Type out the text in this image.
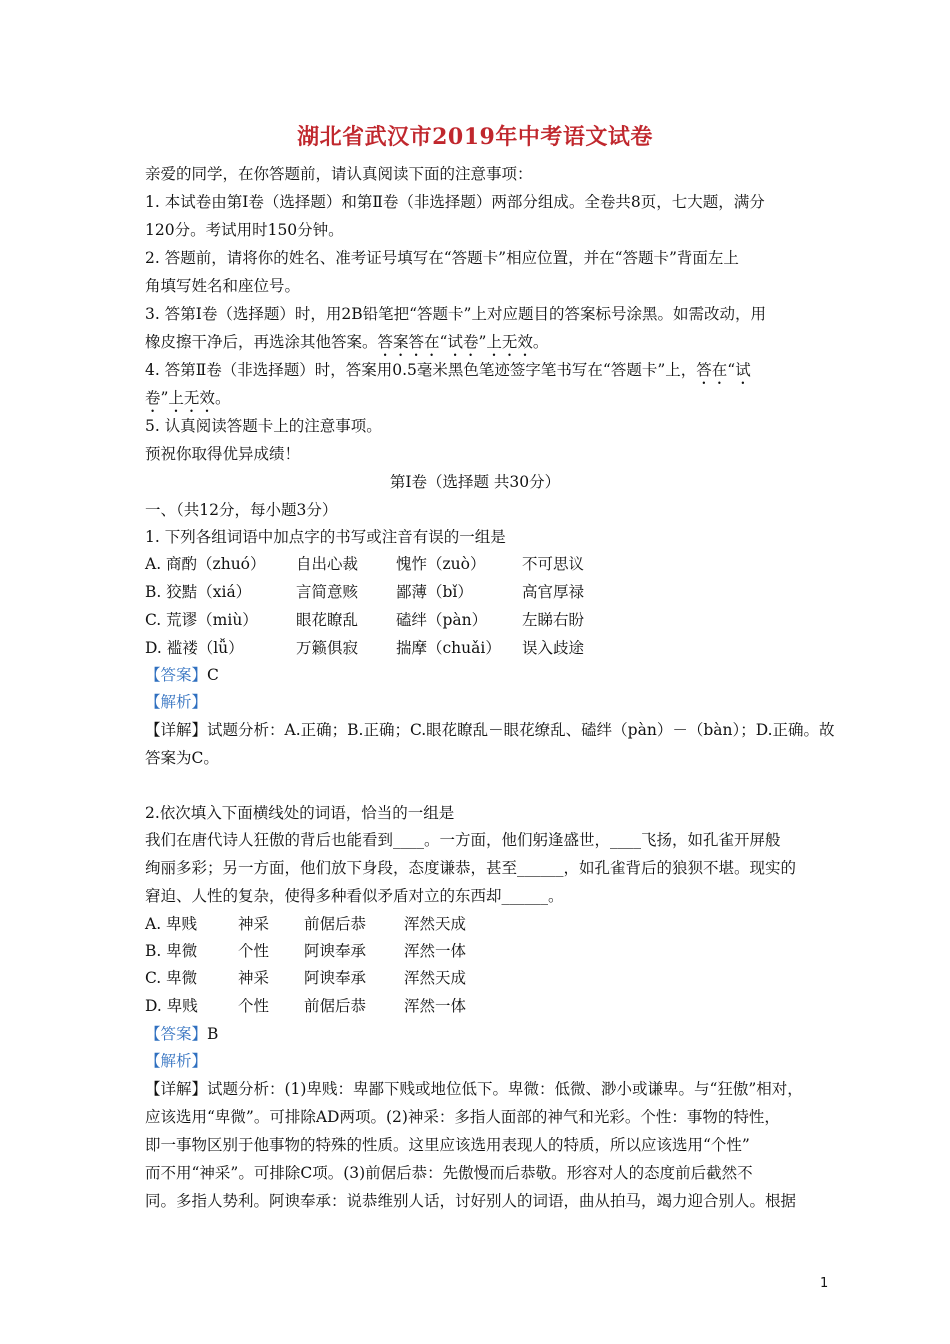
湖北省武汉市2019年中考语文试卷
亲爱的同学，在你答题前，请认真阅读下面的注意事项：
1. 本试卷由第Ⅰ卷（选择题）和第Ⅱ卷（非选择题）两部分组成。全卷共8页，七大题，满分
120分。考试用时150分钟。
2. 答题前，请将你的姓名、准考证号填写在“答题卡”相应位置，并在“答题卡”背面左上
角填写姓名和座位号。
3. 答第Ⅰ卷（选择题）时，用2B铅笔把“答题卡”上对应题目的答案标号涂黑。如需改动，用
橡皮擦干净后，再选涂其他答案。答案答在“试卷”上无效。
4. 答第Ⅱ卷（非选择题）时，答案用0.5毫米黑色笔迹签字笔书写在“答题卡”上，答在“试
卷”上无效。
5. 认真阅读答题卡上的注意事项。
预祝你取得优异成绩！
第Ⅰ卷（选择题 共30分）
一、（共12分，每小题3分）
1. 下列各组词语中加点字的书写或注音有误的一组是
A. 商酌（zhuó） 自出心裁 愧怍（zuò） 不可思议
B. 狡黠（xiá）	言简意赅 鄙薄（bǐ）	高官厚禄
C. 荒谬（miù） 眼花瞭乱 磕绊（pàn） 左睇右盼
D. 褴褛（lǚ）	万籁俱寂 揣摩（chuǎi） 误入歧途
【答案】C
【解析】
【详解】试题分析：A.正确；B.正确；C.眼花瞭乱－眼花缭乱、磕绊（pàn）－（bàn）；D.正确。故
答案为C。
2.依次填入下面横线处的词语，恰当的一组是
我们在唐代诗人狂傲的背后也能看到____。一方面，他们躬逢盛世，____飞扬，如孔雀开屏般
绚丽多彩；另一方面，他们放下身段，态度谦恭，甚至______，如孔雀背后的狼狈不堪。现实的
窘迫、人性的复杂，使得多种看似矛盾对立的东西却______。
A. 卑贱	神采 前倨后恭 浑然天成
B. 卑微	个性 阿谀奉承 浑然一体
C. 卑微	神采 阿谀奉承 浑然天成
D. 卑贱	个性 前倨后恭 浑然一体
【答案】B
【解析】
【详解】试题分析：(1)卑贱：卑鄙下贱或地位低下。卑微：低微、渺小或谦卑。与“狂傲”相对，
应该选用“卑微”。可排除AD两项。(2)神采：多指人面部的神气和光彩。个性：事物的特性，
即一事物区别于他事物的特殊的性质。这里应该选用表现人的特质，所以应该选用“个性”
而不用“神采”。可排除C项。(3)前倨后恭：先傲慢而后恭敬。形容对人的态度前后截然不
同。多指人势利。阿谀奉承：说恭维别人话，讨好别人的词语，曲从拍马，竭力迎合别人。根据
1
